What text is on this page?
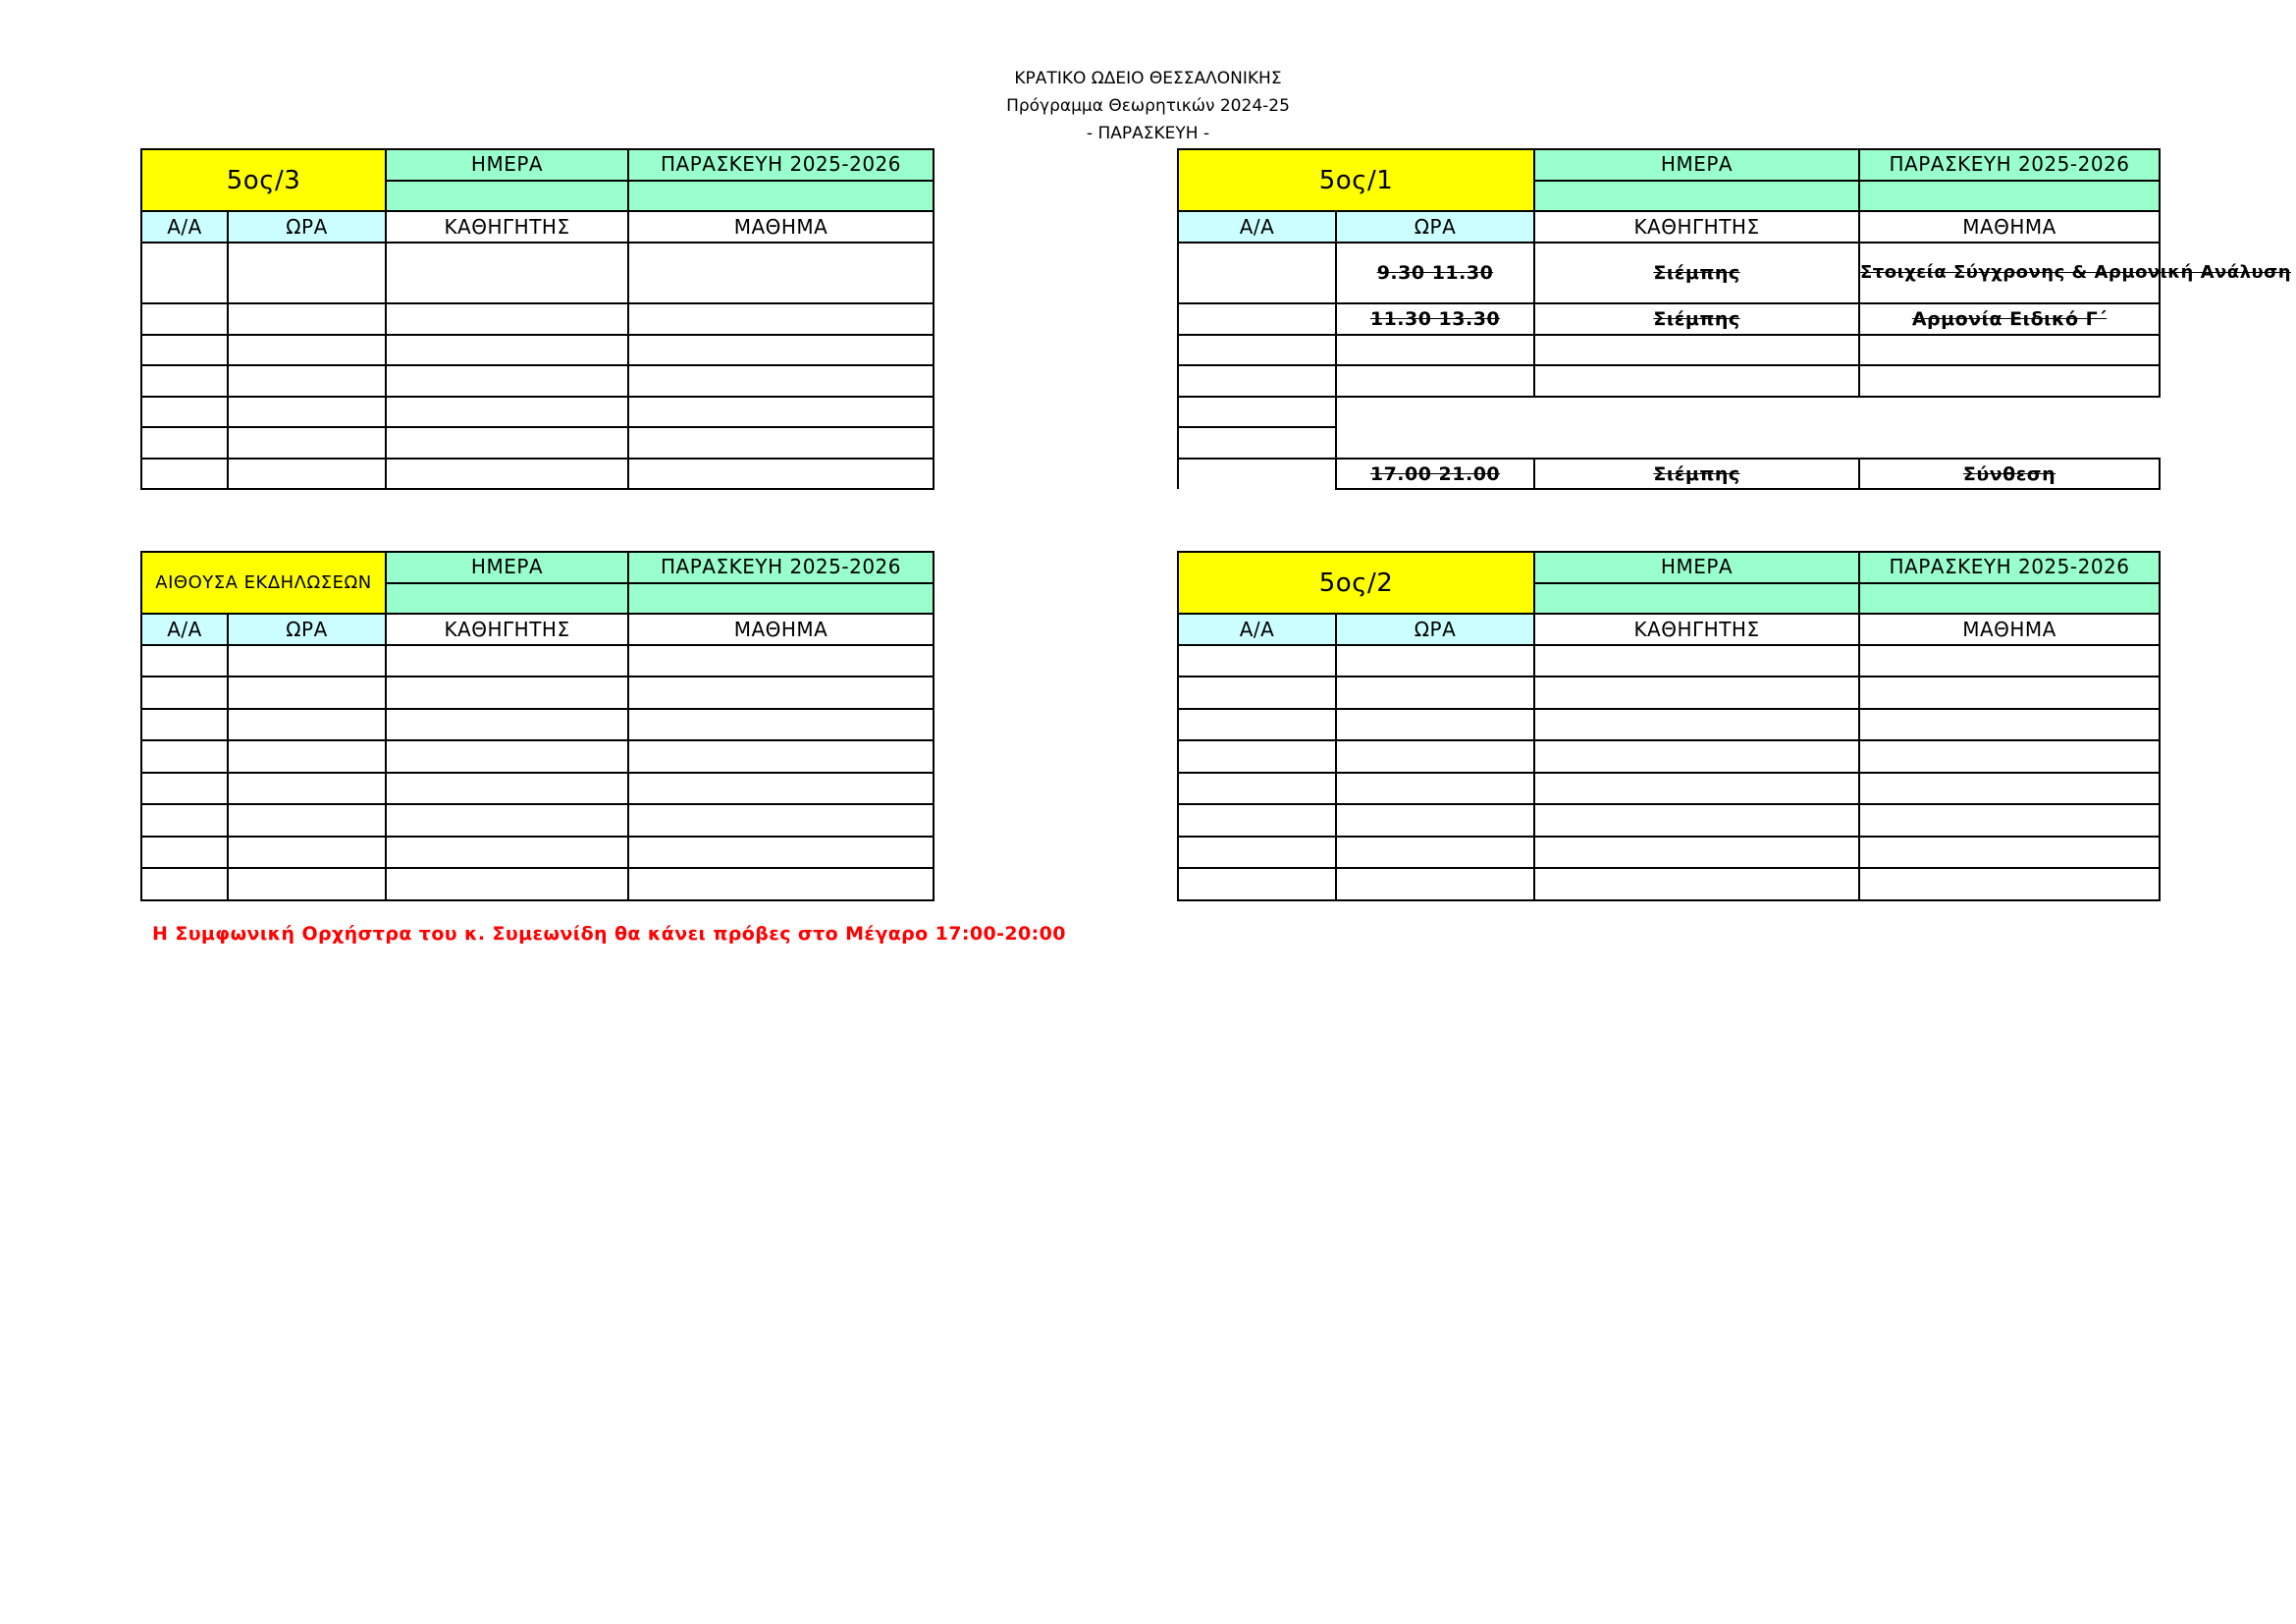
ΚΡΑΤΙΚΟ ΩΔΕΙΟ ΘΕΣΣΑΛΟΝΙΚΗΣ
Πρόγραμμα Θεωρητικών 2024-25
- ΠΑΡΑΣΚΕΥΗ -
5ος/3		ΗΜΕΡΑ	ΠΑΡΑΣΚΕΥΗ 2025-2026

Α/Α	ΩΡΑ	ΚΑΘΗΓΗΤΗΣ	ΜΑΘΗΜΑ

5ος/1		ΗΜΕΡΑ	ΠΑΡΑΣΚΕΥΗ 2025-2026

Α/Α	ΩΡΑ	ΚΑΘΗΓΗΤΗΣ	ΜΑΘΗΜΑ
	9.30 11.30	Σιέμπης	Στοιχεία Σύγχρονης & Αρμονική Ανάλυση
	11.30 13.30	Σιέμπης	Αρμονία Ειδικό Γ΄

	17.00 21.00	Σιέμπης	Σύνθεση
ΑΙΘΟΥΣΑ ΕΚΔΗΛΩΣΕΩΝ		ΗΜΕΡΑ	ΠΑΡΑΣΚΕΥΗ 2025-2026

Α/Α	ΩΡΑ	ΚΑΘΗΓΗΤΗΣ	ΜΑΘΗΜΑ

5ος/2		ΗΜΕΡΑ	ΠΑΡΑΣΚΕΥΗ 2025-2026

Α/Α	ΩΡΑ	ΚΑΘΗΓΗΤΗΣ	ΜΑΘΗΜΑ

Η Συμφωνική Ορχήστρα του κ. Συμεωνίδη θα κάνει πρόβες στο Μέγαρο 17:00-20:00
